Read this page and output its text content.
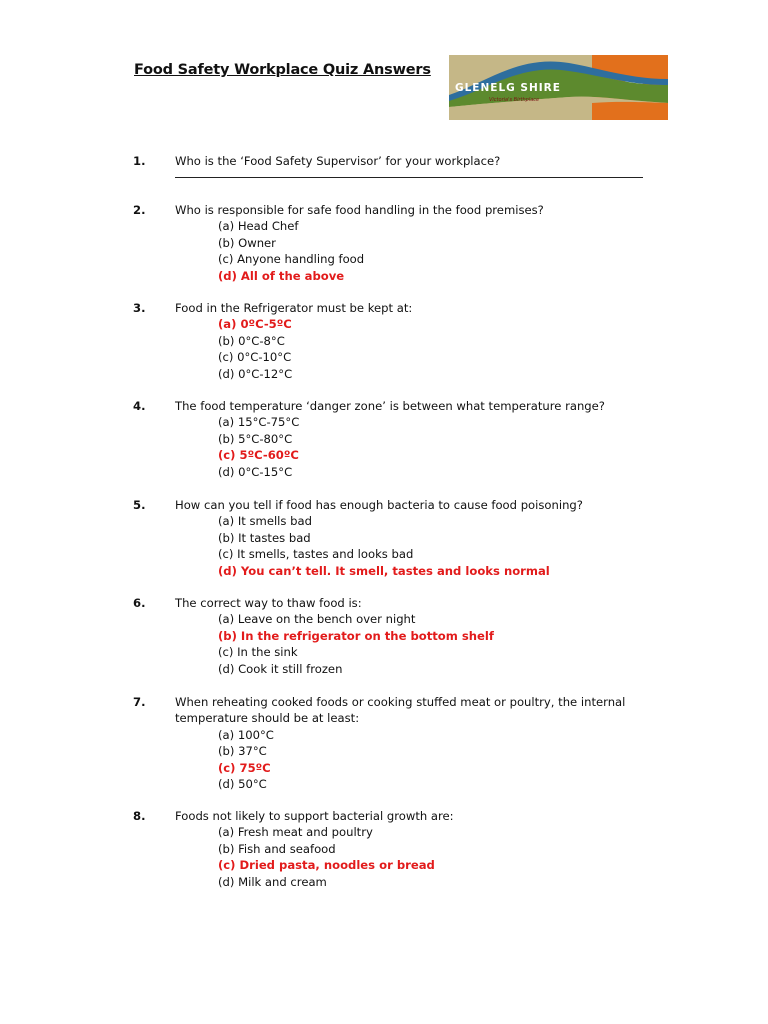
Food Safety Workplace Quiz Answers
GLENELG SHIRE
Victoria's Birthplace
1.	Who is the ‘Food Safety Supervisor’ for your workplace?
2.	Who is responsible for safe food handling in the food premises?
(a) Head Chef
(b) Owner
(c) Anyone handling food
(d) All of the above
3.	Food in the Refrigerator must be kept at:
(a) 0ºC-5ºC
(b) 0°C-8°C
(c) 0°C-10°C
(d) 0°C-12°C
4.	The food temperature ‘danger zone’ is between what temperature range?
(a) 15°C-75°C
(b) 5°C-80°C
(c) 5ºC-60ºC
(d) 0°C-15°C
5.	How can you tell if food has enough bacteria to cause food poisoning?
(a) It smells bad
(b) It tastes bad
(c) It smells, tastes and looks bad
(d) You can’t tell. It smell, tastes and looks normal
6.	The correct way to thaw food is:
(a) Leave on the bench over night
(b) In the refrigerator on the bottom shelf
(c) In the sink
(d) Cook it still frozen
7.	When reheating cooked foods or cooking stuffed meat or poultry, the internal temperature should be at least:
(a) 100°C
(b) 37°C
(c) 75ºC
(d) 50°C
8.	Foods not likely to support bacterial growth are:
(a) Fresh meat and poultry
(b) Fish and seafood
(c) Dried pasta, noodles or bread
(d) Milk and cream
